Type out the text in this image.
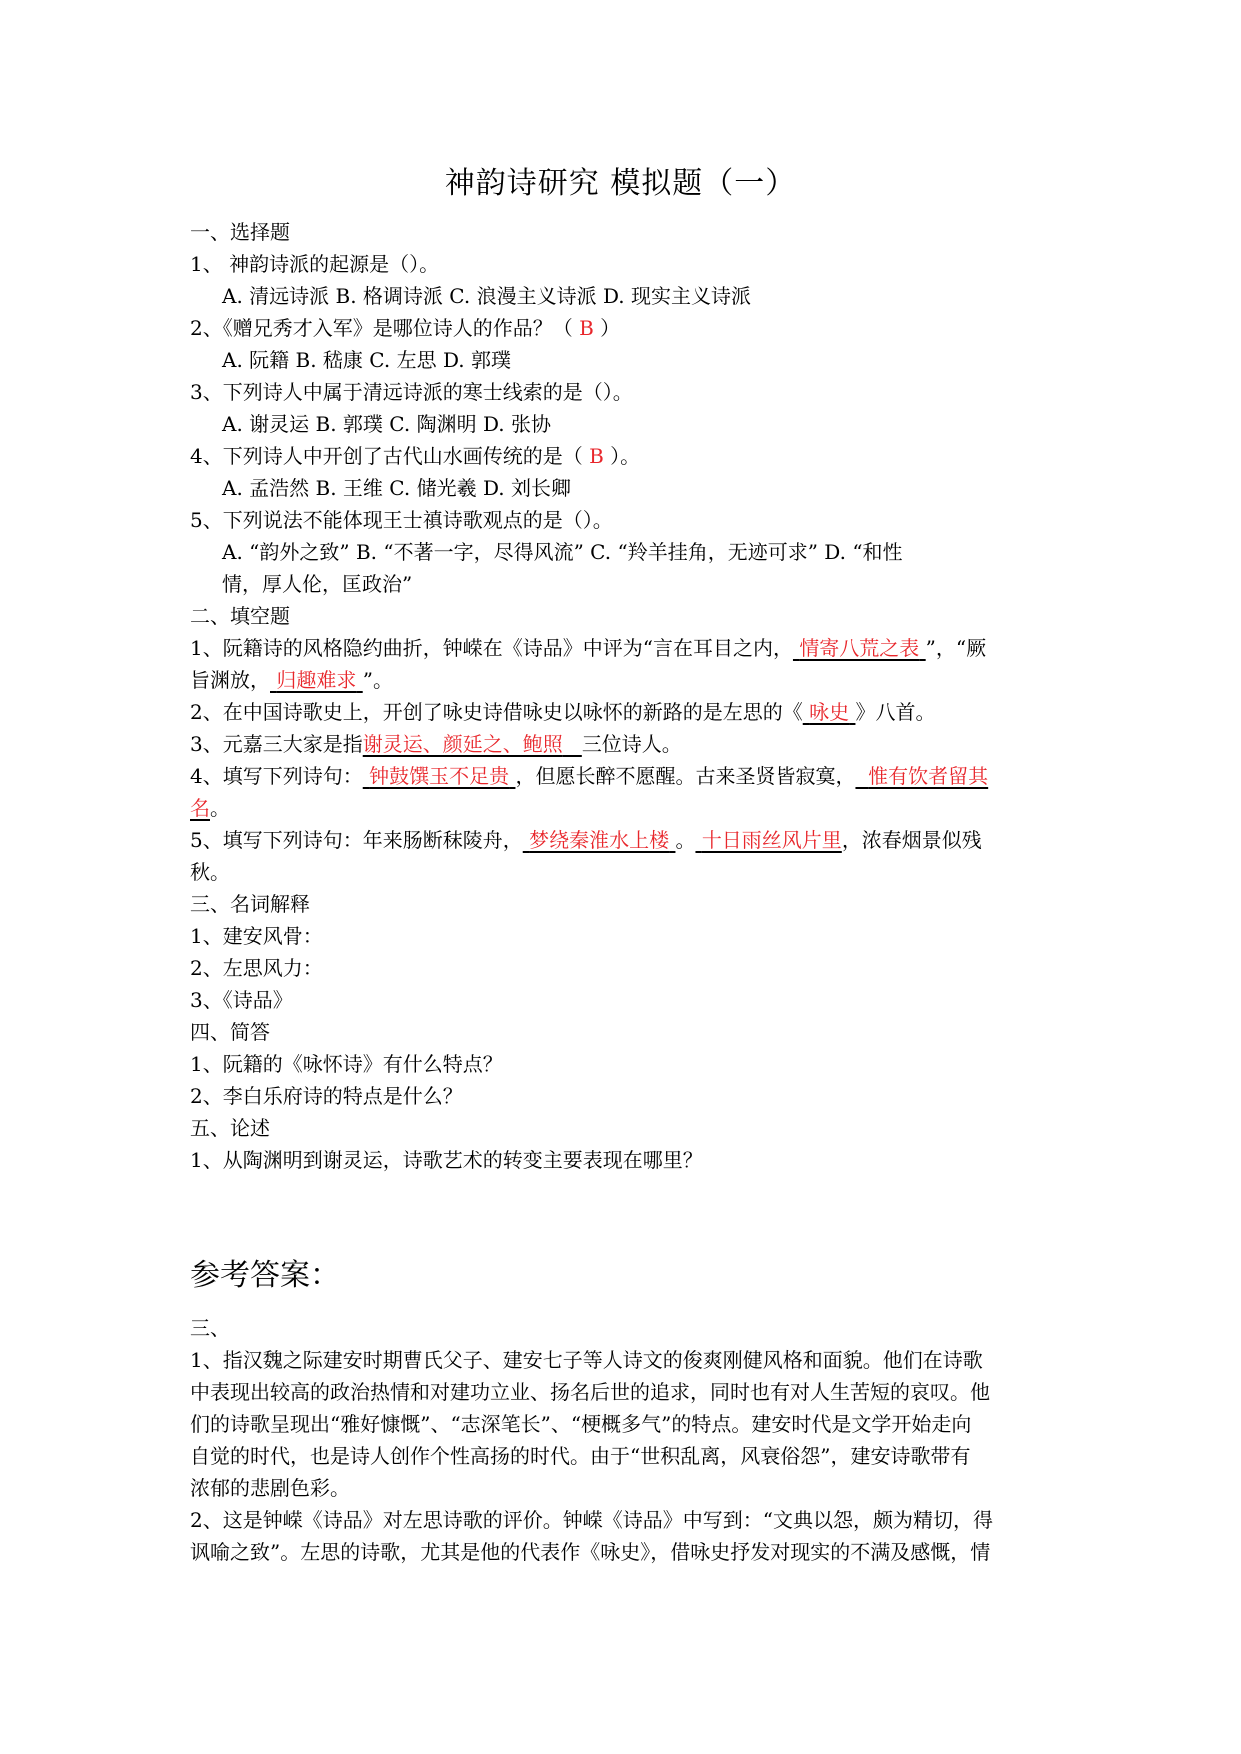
神韵诗研究 模拟题（一）
一、选择题
1、 神韵诗派的起源是（）。
A. 清远诗派 B. 格调诗派 C. 浪漫主义诗派 D. 现实主义诗派
2、《赠兄秀才入军》是哪位诗人的作品？（ B ）
A. 阮籍 B. 嵇康 C. 左思 D. 郭璞
3、下列诗人中属于清远诗派的寒士线索的是（）。
A. 谢灵运 B. 郭璞 C. 陶渊明 D. 张协
4、下列诗人中开创了古代山水画传统的是（ B ）。
A. 孟浩然 B. 王维 C. 储光羲 D. 刘长卿
5、下列说法不能体现王士禛诗歌观点的是（）。
A. “韵外之致” B. “不著一字，尽得风流” C. “羚羊挂角，无迹可求” D. “和性
情，厚人伦，匡政治”
二、填空题
1、阮籍诗的风格隐约曲折，钟嵘在《诗品》中评为“言在耳目之内， 情寄八荒之表 ”，“厥
旨渊放， 归趣难求 ”。
2、在中国诗歌史上，开创了咏史诗借咏史以咏怀的新路的是左思的《 咏史 》八首。
3、元嘉三大家是指谢灵运、颜延之、鲍照 三位诗人。
4、填写下列诗句： 钟鼓馔玉不足贵 ，但愿长醉不愿醒。古来圣贤皆寂寞， 惟有饮者留其
名。
5、填写下列诗句：年来肠断秣陵舟， 梦绕秦淮水上楼 。 十日雨丝风片里，浓春烟景似残
秋。
三、名词解释
1、建安风骨：
2、左思风力：
3、《诗品》
四、简答
1、阮籍的《咏怀诗》有什么特点？
2、李白乐府诗的特点是什么？
五、论述
1、从陶渊明到谢灵运，诗歌艺术的转变主要表现在哪里？
参考答案：
三、
1、指汉魏之际建安时期曹氏父子、建安七子等人诗文的俊爽刚健风格和面貌。他们在诗歌
中表现出较高的政治热情和对建功立业、扬名后世的追求，同时也有对人生苦短的哀叹。他
们的诗歌呈现出“雅好慷慨”、“志深笔长”、“梗概多气”的特点。建安时代是文学开始走向
自觉的时代，也是诗人创作个性高扬的时代。由于“世积乱离，风衰俗怨”，建安诗歌带有
浓郁的悲剧色彩。
2、这是钟嵘《诗品》对左思诗歌的评价。钟嵘《诗品》中写到：“文典以怨，颇为精切，得
讽喻之致”。左思的诗歌，尤其是他的代表作《咏史》，借咏史抒发对现实的不满及感慨，情
